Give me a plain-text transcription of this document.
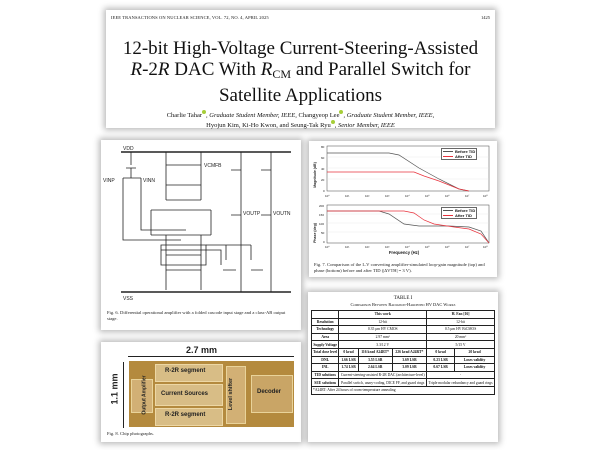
IEEE TRANSACTIONS ON NUCLEAR SCIENCE, VOL. 72, NO. 4, APRIL 2025	1425
12-bit High-Voltage Current-Steering-Assisted
R-2R DAC With $R_{CM}$ and Parallel Switch for
Satellite Applications
Charlie Tahar , Graduate Student Member, IEEE, Changyeop Lee , Graduate Student Member, IEEE,
Hyojun Kim, Ki-Ho Kwon, and Seung-Tak Ryu , Senior Member, IEEE
VDD
VSS
VOUTP	VOUTN
VCMFB
VINN
VINP
Fig. 6. Differential operational amplifier with a folded cascode input stage and a class-AB output stage.
Magnitude (dB)
Phase (deg)
Frequency (Hz)
80
60
40
20
0
200
150
100
50
0
10⁰	10¹	10²	10³	10⁴	10⁵	10⁶	10⁷	10⁸
10⁰	10¹	10²	10³	10⁴	10⁵	10⁶	10⁷	10⁸
Before TID
After TID
Before TID
After TID
Fig. 7. Comparison of the I–V converting amplifier-simulated loop-gain magnitude (top) and phase (bottom) before and after TID (|ΔVTH| = 3 V).
2.7 mm
1.1 mm	Output Amplifier
R-2R segment
Current Sources
R-2R segment
Level shifter	Decoder
Fig. 8. Chip photographs.
TABLE I
Comparison Between Radiation-Hardened HV DAC Works
	This work			H. Fan [16]	
Resolution	12-bit			12-bit	
Technology	0.35 μm HV CMOS			0.5 μm HV BiCMOS	
Area	2.97 mm²			20 mm²	
Supply Voltage	3.3/12 V			5/15 V	
Total dose level	0 krad	116 krad A24RT*	226 krad A24RT*	0 krad	20 krad
DNL	1.66 LSB	3.55 LSB	3.69 LSB	0.23 LSB	Loses validity
INL	1.74 LSB	2.64 LSB	3.09 LSB	0.67 LSB	Loses validity
TID solutions	Current-steering-assisted R-2R DAC (architecture-level)			-	
SEE solutions	Parallel switch, unary-coding, DICE FF, and guard rings			Triple modular redundancy and guard rings	
*A24RT: After 24 hours of room-temperature annealing					
